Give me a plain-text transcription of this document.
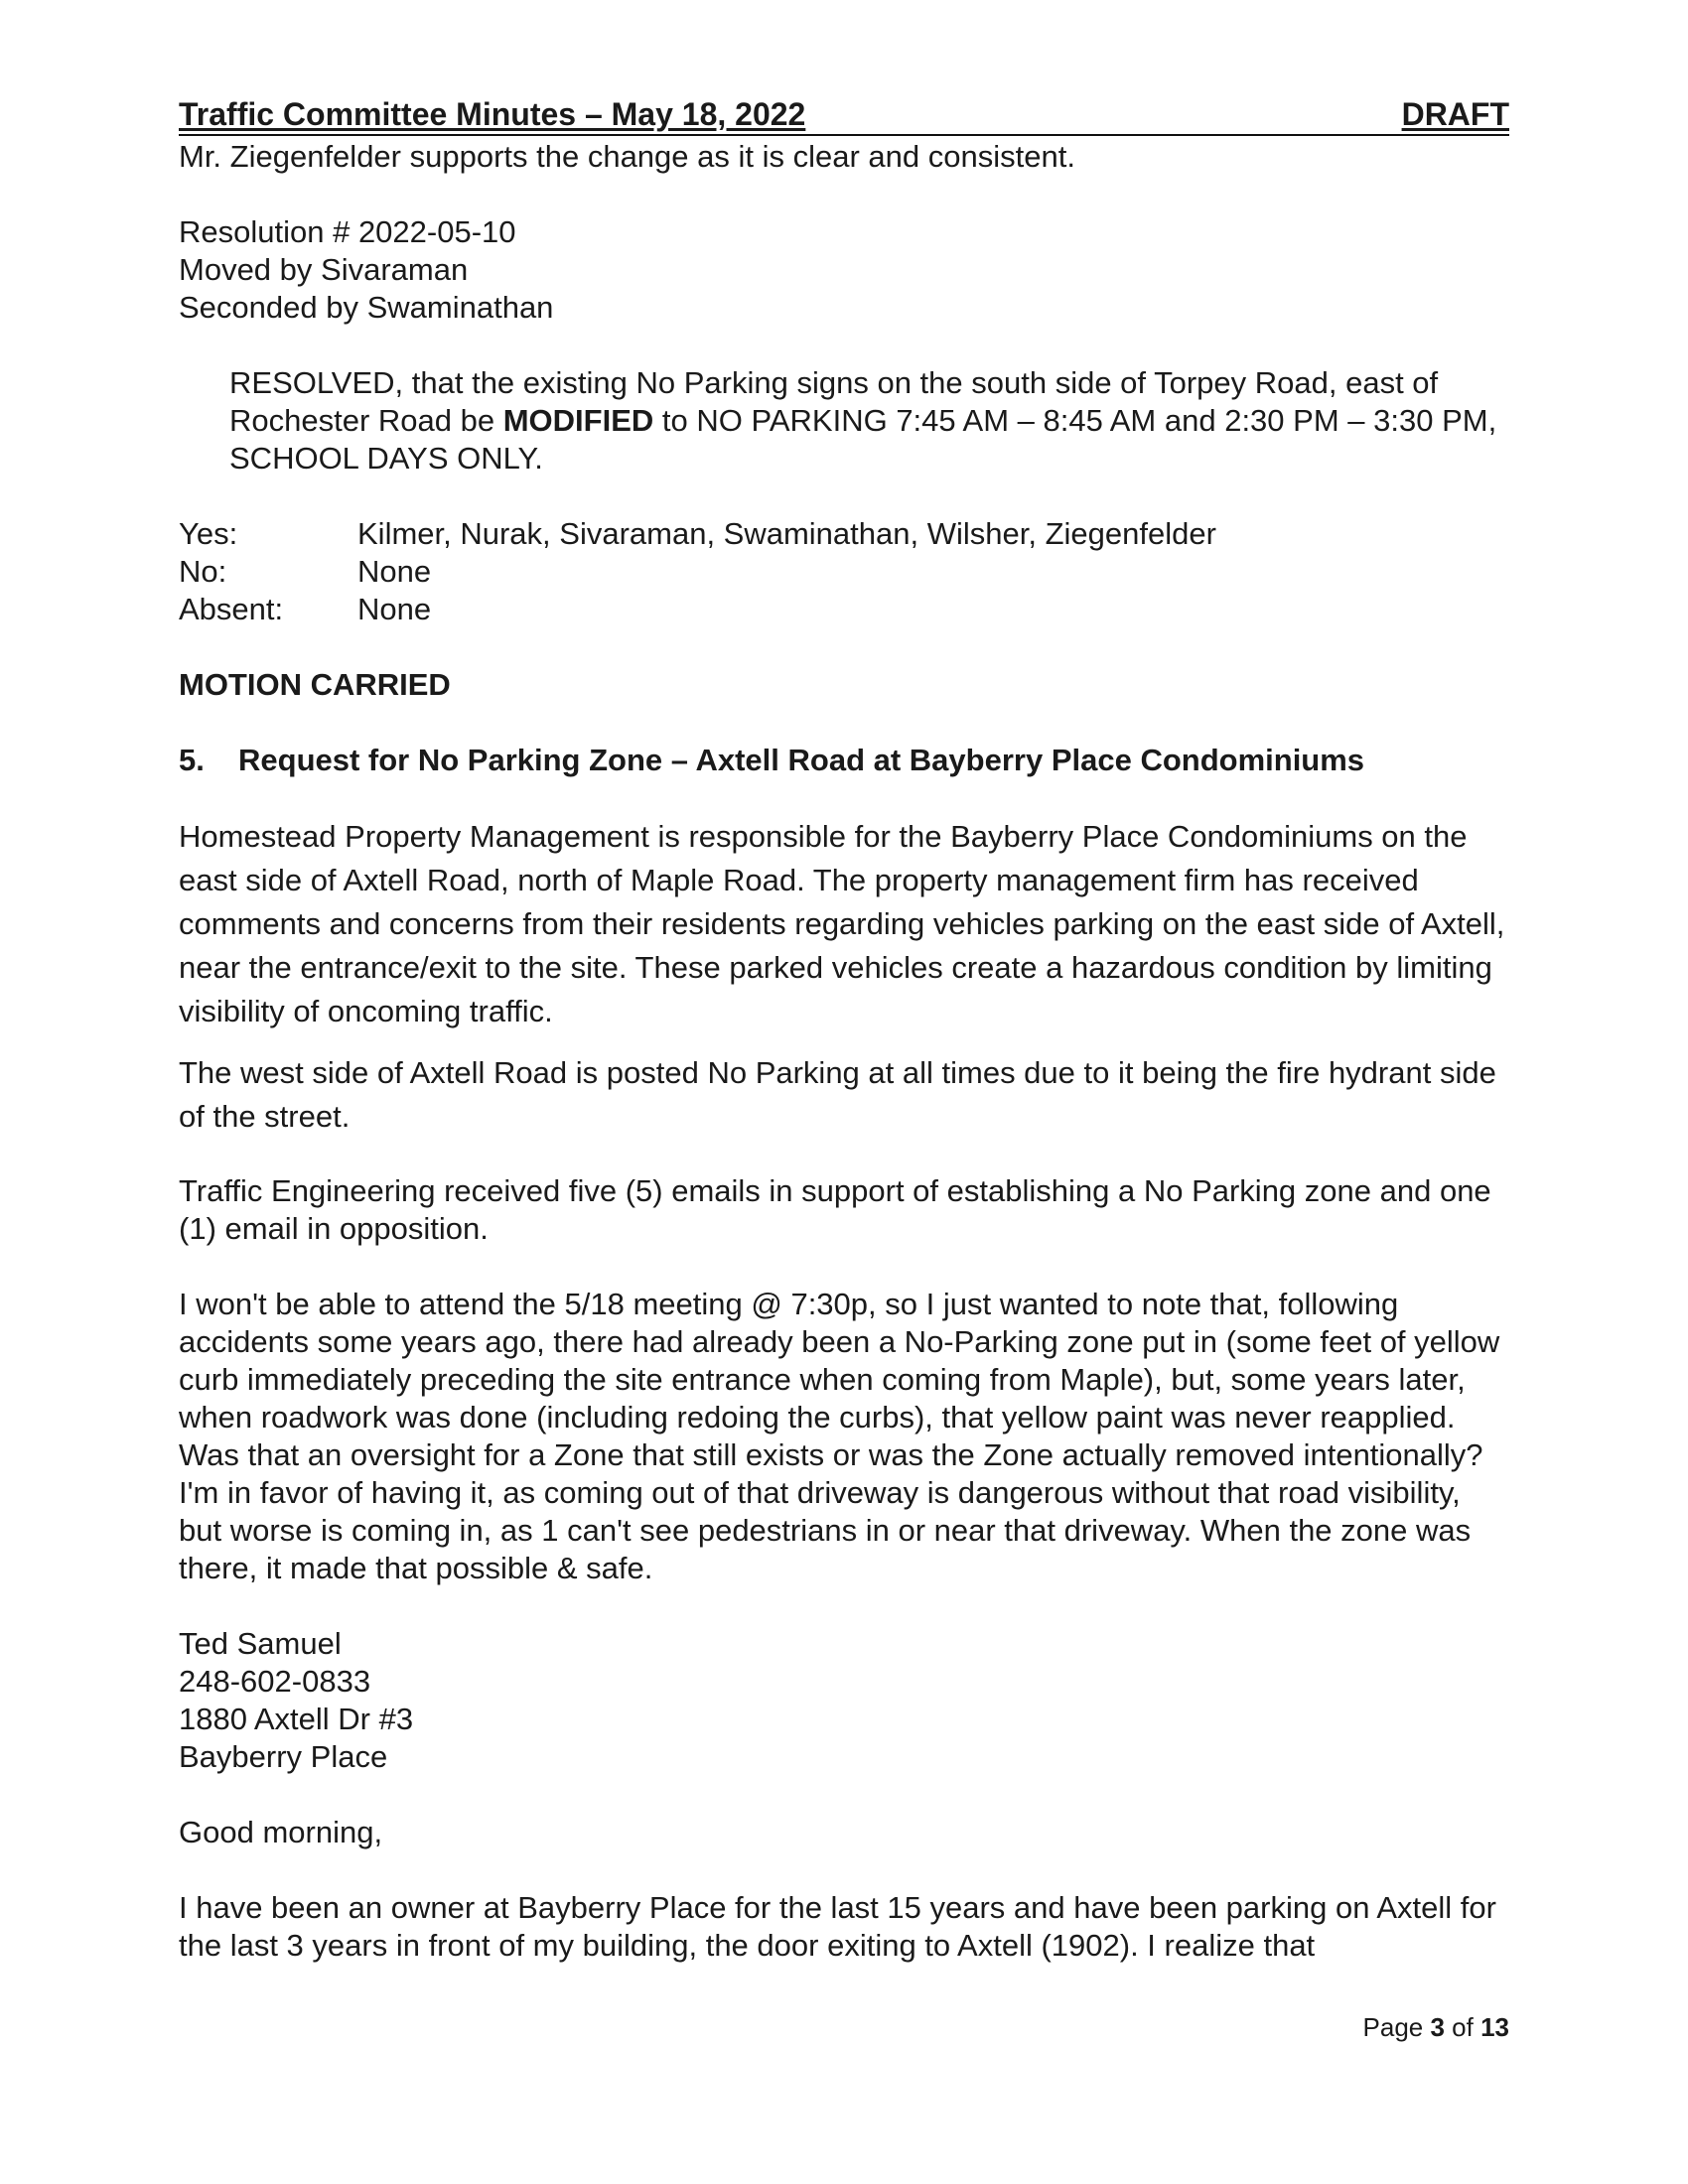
Traffic Committee Minutes – May 18, 2022	DRAFT

Mr. Ziegenfelder supports the change as it is clear and consistent.

Resolution # 2022-05-10

Moved by Sivaraman

Seconded by Swaminathan

RESOLVED, that the existing No Parking signs on the south side of Torpey Road, east of Rochester Road be MODIFIED to NO PARKING 7:45 AM – 8:45 AM and 2:30 PM – 3:30 PM, SCHOOL DAYS ONLY.

Yes:	Kilmer, Nurak, Sivaraman, Swaminathan, Wilsher, Ziegenfelder
No:	None
Absent:	None

MOTION CARRIED

5.	Request for No Parking Zone – Axtell Road at Bayberry Place Condominiums

Homestead Property Management is responsible for the Bayberry Place Condominiums on the east side of Axtell Road, north of Maple Road. The property management firm has received comments and concerns from their residents regarding vehicles parking on the east side of Axtell, near the entrance/exit to the site. These parked vehicles create a hazardous condition by limiting visibility of oncoming traffic.

The west side of Axtell Road is posted No Parking at all times due to it being the fire hydrant side of the street.

Traffic Engineering received five (5) emails in support of establishing a No Parking zone and one (1) email in opposition.

I won't be able to attend the 5/18 meeting @ 7:30p, so I just wanted to note that, following accidents some years ago, there had already been a No-Parking zone put in (some feet of yellow curb immediately preceding the site entrance when coming from Maple), but, some years later, when roadwork was done (including redoing the curbs), that yellow paint was never reapplied. Was that an oversight for a Zone that still exists or was the Zone actually removed intentionally? I'm in favor of having it, as coming out of that driveway is dangerous without that road visibility, but worse is coming in, as 1 can't see pedestrians in or near that driveway. When the zone was there, it made that possible & safe.

Ted Samuel

248-602-0833

1880 Axtell Dr #3

Bayberry Place

Good morning,

I have been an owner at Bayberry Place for the last 15 years and have been parking on Axtell for the last 3 years in front of my building, the door exiting to Axtell (1902). I realize that

Page 3 of 13
